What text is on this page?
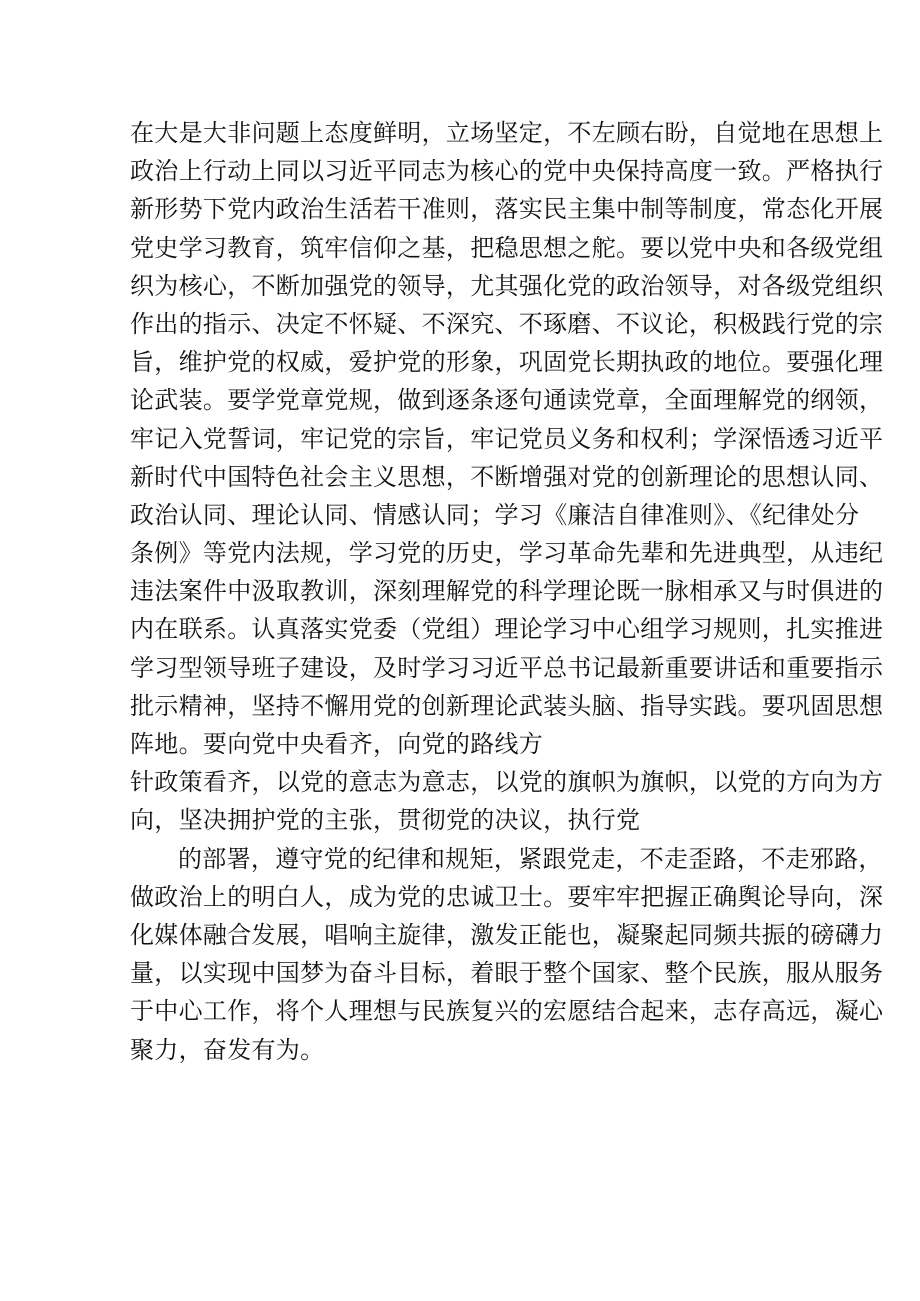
在大是大非问题上态度鲜明，立场坚定，不左顾右盼，自觉地在思想上
政治上行动上同以习近平同志为核心的党中央保持高度一致。严格执行
新形势下党内政治生活若干准则，落实民主集中制等制度，常态化开展
党史学习教育，筑牢信仰之基，把稳思想之舵。要以党中央和各级党组
织为核心，不断加强党的领导，尤其强化党的政治领导，对各级党组织
作出的指示、决定不怀疑、不深究、不琢磨、不议论，积极践行党的宗
旨，维护党的权威，爱护党的形象，巩固党长期执政的地位。要强化理
论武装。要学党章党规，做到逐条逐句通读党章，全面理解党的纲领，
牢记入党誓词，牢记党的宗旨，牢记党员义务和权利；学深悟透习近平
新时代中国特色社会主义思想，不断增强对党的创新理论的思想认同、
政治认同、理论认同、情感认同；学习《廉洁自律准则》、《纪律处分
条例》等党内法规，学习党的历史，学习革命先辈和先进典型，从违纪
违法案件中汲取教训，深刻理解党的科学理论既一脉相承又与时俱进的
内在联系。认真落实党委（党组）理论学习中心组学习规则，扎实推进
学习型领导班子建设，及时学习习近平总书记最新重要讲话和重要指示
批示精神，坚持不懈用党的创新理论武装头脑、指导实践。要巩固思想
阵地。要向党中央看齐，向党的路线方
针政策看齐，以党的意志为意志，以党的旗帜为旗帜，以党的方向为方
向，坚决拥护党的主张，贯彻党的决议，执行党
的部署，遵守党的纪律和规矩，紧跟党走，不走歪路，不走邪路，
做政治上的明白人，成为党的忠诚卫士。要牢牢把握正确舆论导向，深
化媒体融合发展，唱响主旋律，激发正能也，凝聚起同频共振的磅礴力
量，以实现中国梦为奋斗目标，着眼于整个国家、整个民族，服从服务
于中心工作，将个人理想与民族复兴的宏愿结合起来，志存高远，凝心
聚力，奋发有为。
